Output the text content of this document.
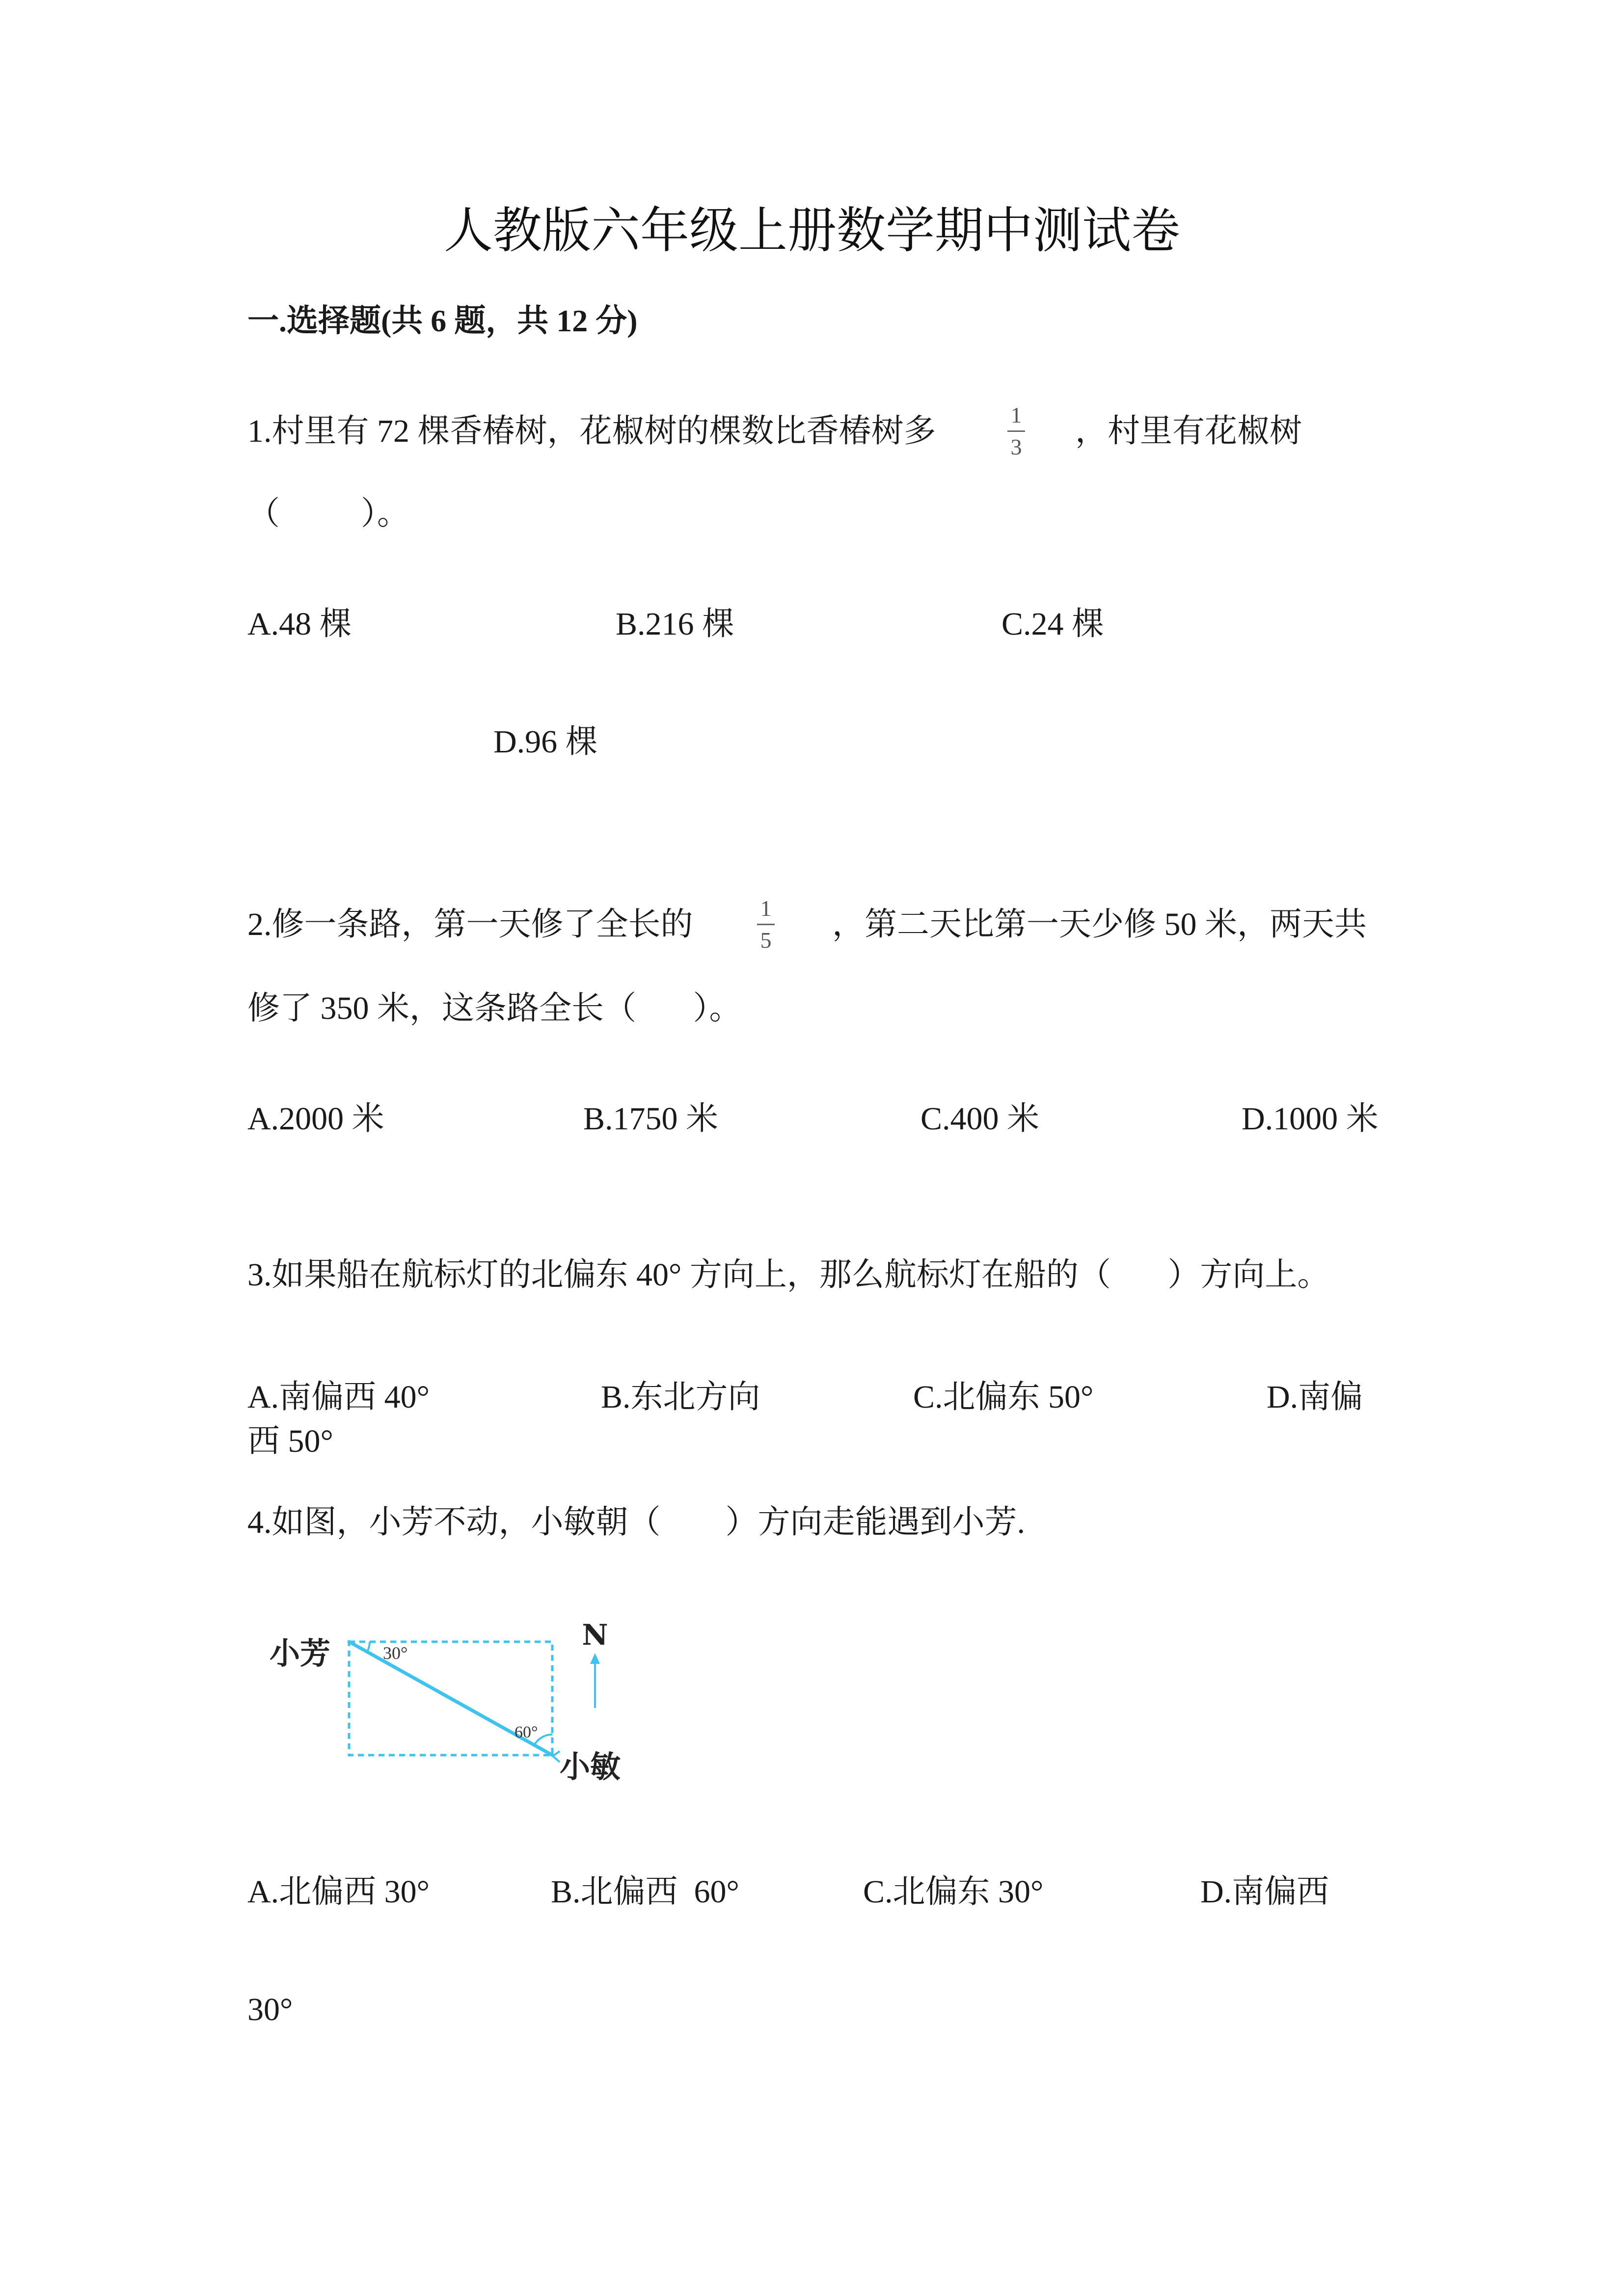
人教版六年级上册数学期中测试卷
一.选择题(共 6 题，共 12 分)
1.村里有 72 棵香椿树，花椒树的棵数比香椿树多	1
3 ，村里有花椒树
（          ）。
A.48 棵	B.216 棵	C.24 棵
D.96 棵
2.修一条路，第一天修了全长的	1
5 ，第二天比第一天少修 50 米，两天共
修了 350 米，这条路全长（       ）。
A.2000 米	B.1750 米	C.400 米	D.1000 米
3.如果船在航标灯的北偏东 40° 方向上，那么航标灯在船的（       ）方向上。
A.南偏西 40°	B.东北方向	C.北偏东 50°	D.南偏
西 50°
4.如图，小芳不动，小敏朝（        ）方向走能遇到小芳.
30°
60°
小芳
小敏
N
A.北偏西 30°	B.北偏西  60°	C.北偏东 30°	D.南偏西
30°
